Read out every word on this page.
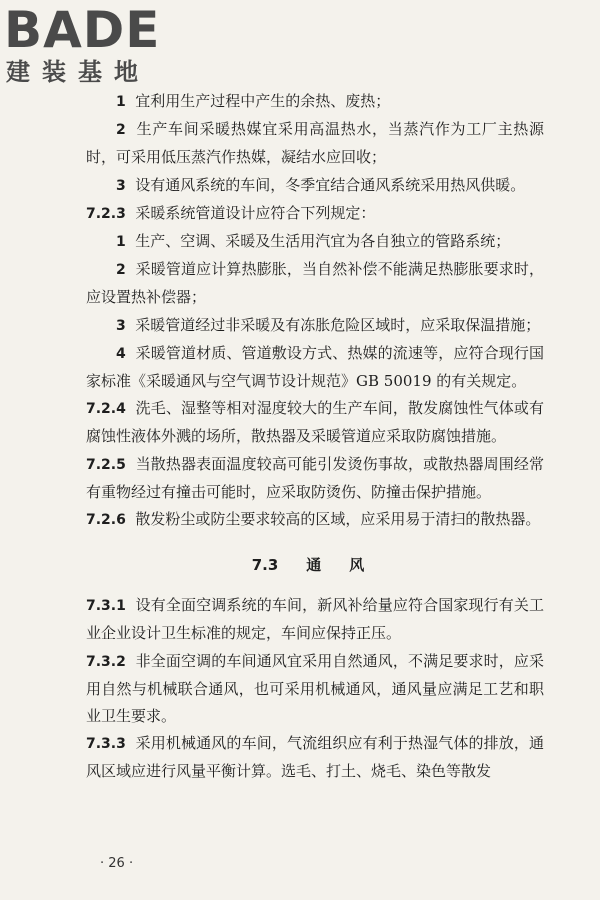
BADE
建装基地

1 宜利用生产过程中产生的余热、废热；

2 生产车间采暖热媒宜采用高温热水，当蒸汽作为工厂主热源时，可采用低压蒸汽作热媒，凝结水应回收；

3 设有通风系统的车间，冬季宜结合通风系统采用热风供暖。

7.2.3 采暖系统管道设计应符合下列规定：

1 生产、空调、采暖及生活用汽宜为各自独立的管路系统；

2 采暖管道应计算热膨胀，当自然补偿不能满足热膨胀要求时，应设置热补偿器；

3 采暖管道经过非采暖及有冻胀危险区域时，应采取保温措施；

4 采暖管道材质、管道敷设方式、热媒的流速等，应符合现行国家标准《采暖通风与空气调节设计规范》GB 50019 的有关规定。

7.2.4 洗毛、湿整等相对湿度较大的生产车间，散发腐蚀性气体或有腐蚀性液体外溅的场所，散热器及采暖管道应采取防腐蚀措施。

7.2.5 当散热器表面温度较高可能引发烫伤事故，或散热器周围经常有重物经过有撞击可能时，应采取防烫伤、防撞击保护措施。

7.2.6 散发粉尘或防尘要求较高的区域，应采用易于清扫的散热器。

7.3 通 风

7.3.1 设有全面空调系统的车间，新风补给量应符合国家现行有关工业企业设计卫生标准的规定，车间应保持正压。

7.3.2 非全面空调的车间通风宜采用自然通风，不满足要求时，应采用自然与机械联合通风，也可采用机械通风，通风量应满足工艺和职业卫生要求。

7.3.3 采用机械通风的车间，气流组织应有利于热湿气体的排放，通风区域应进行风量平衡计算。选毛、打土、烧毛、染色等散发

· 26 ·
